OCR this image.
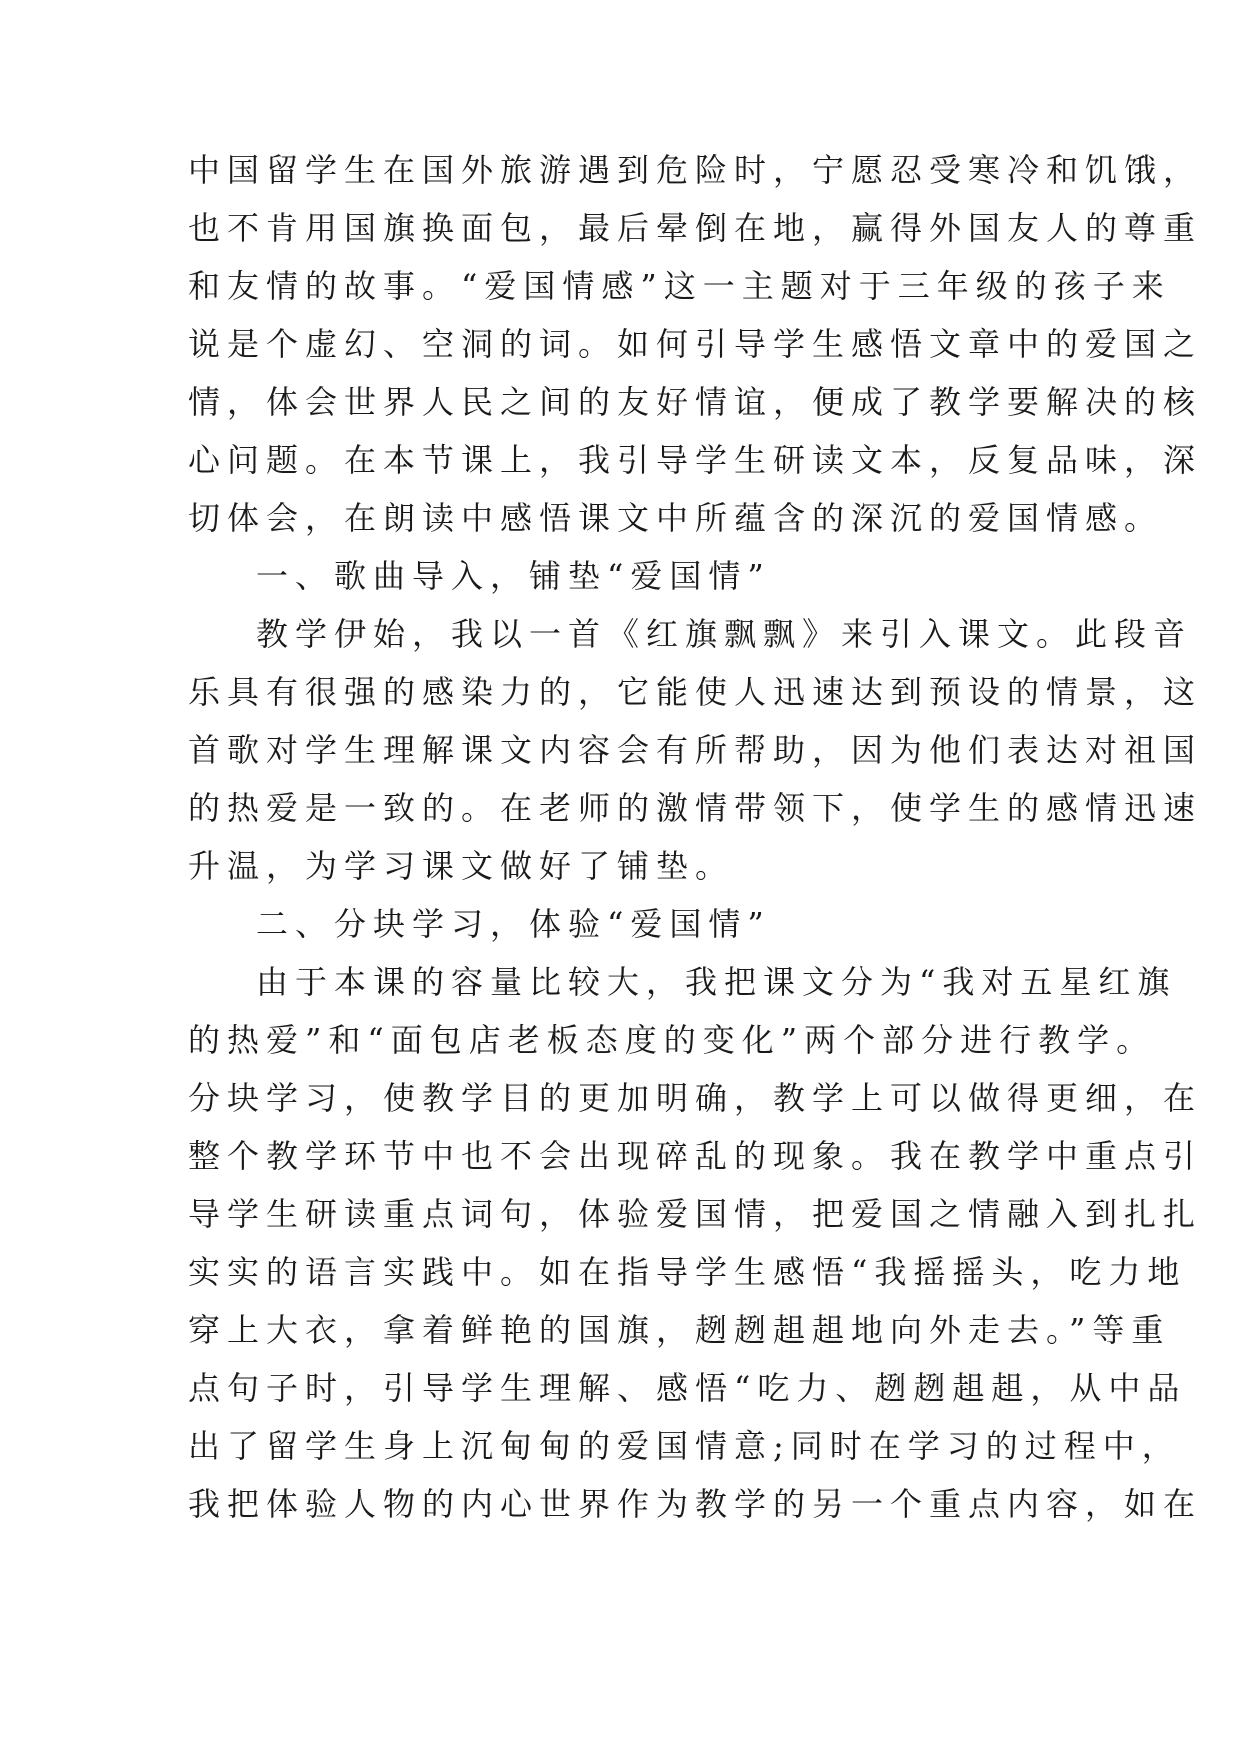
中国留学生在国外旅游遇到危险时，宁愿忍受寒冷和饥饿，
也不肯用国旗换面包，最后晕倒在地，赢得外国友人的尊重
和友情的故事。“爱国情感”这一主题对于三年级的孩子来
说是个虚幻、空洞的词。如何引导学生感悟文章中的爱国之
情，体会世界人民之间的友好情谊，便成了教学要解决的核
心问题。在本节课上，我引导学生研读文本，反复品味，深
切体会，在朗读中感悟课文中所蕴含的深沉的爱国情感。
一、歌曲导入，铺垫“爱国情”
教学伊始，我以一首《红旗飘飘》来引入课文。此段音
乐具有很强的感染力的，它能使人迅速达到预设的情景，这
首歌对学生理解课文内容会有所帮助，因为他们表达对祖国
的热爱是一致的。在老师的激情带领下，使学生的感情迅速
升温，为学习课文做好了铺垫。
二、分块学习，体验“爱国情”
由于本课的容量比较大，我把课文分为“我对五星红旗
的热爱”和“面包店老板态度的变化”两个部分进行教学。
分块学习，使教学目的更加明确，教学上可以做得更细，在
整个教学环节中也不会出现碎乱的现象。我在教学中重点引
导学生研读重点词句，体验爱国情，把爱国之情融入到扎扎
实实的语言实践中。如在指导学生感悟“我摇摇头，吃力地
穿上大衣，拿着鲜艳的国旗，趔趔趄趄地向外走去。”等重
点句子时，引导学生理解、感悟“吃力、趔趔趄趄，从中品
出了留学生身上沉甸甸的爱国情意;同时在学习的过程中，
我把体验人物的内心世界作为教学的另一个重点内容，如在
